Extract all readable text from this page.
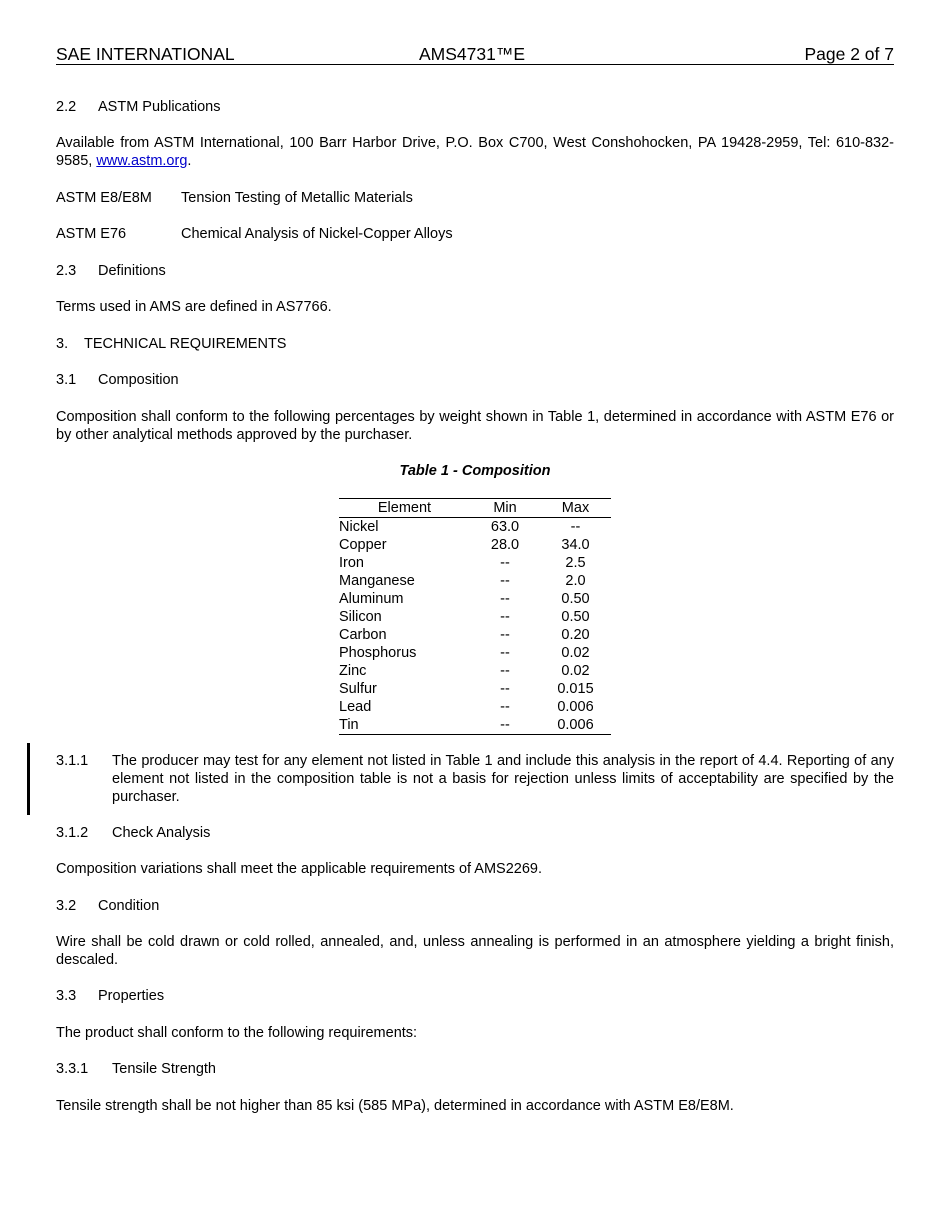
SAE INTERNATIONAL	AMS4731™E	Page 2 of 7
2.2 ASTM Publications
Available from ASTM International, 100 Barr Harbor Drive, P.O. Box C700, West Conshohocken, PA 19428-2959, Tel: 610-832-9585, www.astm.org.
ASTM E8/E8M Tension Testing of Metallic Materials
ASTM E76	Chemical Analysis of Nickel-Copper Alloys
2.3 Definitions
Terms used in AMS are defined in AS7766.
3. TECHNICAL REQUIREMENTS
3.1 Composition
Composition shall conform to the following percentages by weight shown in Table 1, determined in accordance with ASTM E76 or by other analytical methods approved by the purchaser.
Table 1 - Composition
Element	Min	Max
Nickel	63.0	--
Copper	28.0	34.0
Iron	--	2.5
Manganese	--	2.0
Aluminum	--	0.50
Silicon	--	0.50
Carbon	--	0.20
Phosphorus	--	0.02
Zinc	--	0.02
Sulfur	--	0.015
Lead	--	0.006
Tin	--	0.006
3.1.1 The producer may test for any element not listed in Table 1 and include this analysis in the report of 4.4. Reporting of any element not listed in the composition table is not a basis for rejection unless limits of acceptability are specified by the purchaser.
3.1.2 Check Analysis
Composition variations shall meet the applicable requirements of AMS2269.
3.2 Condition
Wire shall be cold drawn or cold rolled, annealed, and, unless annealing is performed in an atmosphere yielding a bright finish, descaled.
3.3 Properties
The product shall conform to the following requirements:
3.3.1 Tensile Strength
Tensile strength shall be not higher than 85 ksi (585 MPa), determined in accordance with ASTM E8/E8M.
